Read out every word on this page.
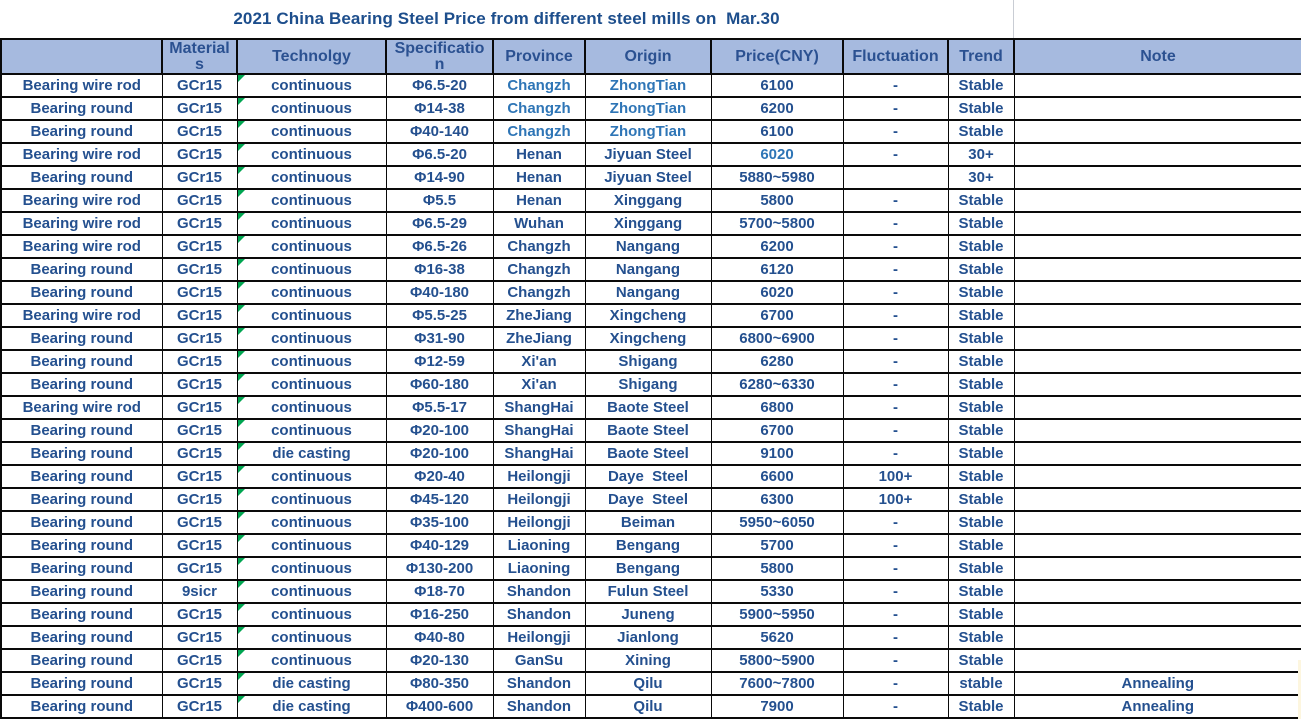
2021 China Bearing Steel Price from different steel mills on  Mar.30
	Materials	Technolgy	Specification	Province	Origin	Price(CNY)	Fluctuation	Trend	Note
Bearing wire rod	GCr15	continuous	Φ6.5-20	Changzh	ZhongTian	6100	-	Stable	
Bearing round	GCr15	continuous	Φ14-38	Changzh	ZhongTian	6200	-	Stable	
Bearing round	GCr15	continuous	Φ40-140	Changzh	ZhongTian	6100	-	Stable	
Bearing wire rod	GCr15	continuous	Φ6.5-20	Henan	Jiyuan Steel	6020	-	30+	
Bearing round	GCr15	continuous	Φ14-90	Henan	Jiyuan Steel	5880~5980		30+	
Bearing wire rod	GCr15	continuous	Φ5.5	Henan	Xinggang	5800	-	Stable	
Bearing wire rod	GCr15	continuous	Φ6.5-29	Wuhan	Xinggang	5700~5800	-	Stable	
Bearing wire rod	GCr15	continuous	Φ6.5-26	Changzh	Nangang	6200	-	Stable	
Bearing round	GCr15	continuous	Φ16-38	Changzh	Nangang	6120	-	Stable	
Bearing round	GCr15	continuous	Φ40-180	Changzh	Nangang	6020	-	Stable	
Bearing wire rod	GCr15	continuous	Φ5.5-25	ZheJiang	Xingcheng	6700	-	Stable	
Bearing round	GCr15	continuous	Φ31-90	ZheJiang	Xingcheng	6800~6900	-	Stable	
Bearing round	GCr15	continuous	Φ12-59	Xi'an	Shigang	6280	-	Stable	
Bearing round	GCr15	continuous	Φ60-180	Xi'an	Shigang	6280~6330	-	Stable	
Bearing wire rod	GCr15	continuous	Φ5.5-17	ShangHai	Baote Steel	6800	-	Stable	
Bearing round	GCr15	continuous	Φ20-100	ShangHai	Baote Steel	6700	-	Stable	
Bearing round	GCr15	die casting	Φ20-100	ShangHai	Baote Steel	9100	-	Stable	
Bearing round	GCr15	continuous	Φ20-40	Heilongji	Daye  Steel	6600	100+	Stable	
Bearing round	GCr15	continuous	Φ45-120	Heilongji	Daye  Steel	6300	100+	Stable	
Bearing round	GCr15	continuous	Φ35-100	Heilongji	Beiman	5950~6050	-	Stable	
Bearing round	GCr15	continuous	Φ40-129	Liaoning	Bengang	5700	-	Stable	
Bearing round	GCr15	continuous	Φ130-200	Liaoning	Bengang	5800	-	Stable	
Bearing round	9sicr	continuous	Φ18-70	Shandon	Fulun Steel	5330	-	Stable	
Bearing round	GCr15	continuous	Φ16-250	Shandon	Juneng	5900~5950	-	Stable	
Bearing round	GCr15	continuous	Φ40-80	Heilongji	Jianlong	5620	-	Stable	
Bearing round	GCr15	continuous	Φ20-130	GanSu	Xining	5800~5900	-	Stable	
Bearing round	GCr15	die casting	Φ80-350	Shandon	Qilu	7600~7800	-	stable	Annealing
Bearing round	GCr15	die casting	Φ400-600	Shandon	Qilu	7900	-	Stable	Annealing
